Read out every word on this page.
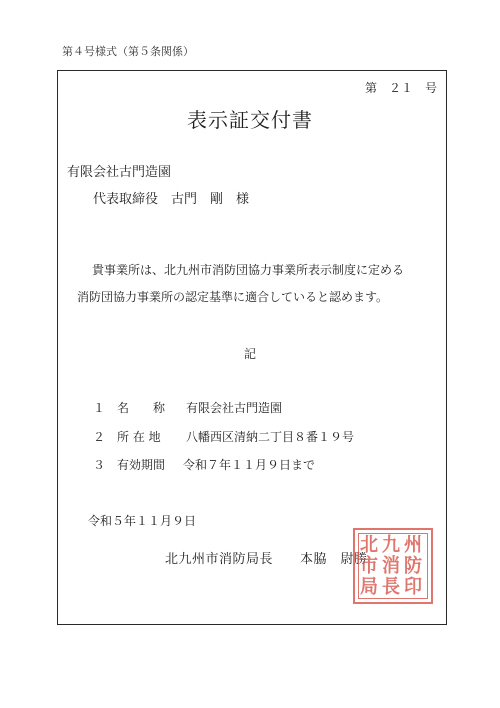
第４号様式（第５条関係）
第　２１　号
表示証交付書
有限会社古門造園
代表取締役　古門　剛　様
貴事業所は、北九州市消防団協力事業所表示制度に定める
消防団協力事業所の認定基準に適合していると認めます。
記
１　名　　称 有限会社古門造園
２　所 在 地 八幡西区清納二丁目８番１９号
３　有効期間 令和７年１１月９日まで
令和５年１１月９日
北九州市消防局長　　本脇　尉勝
北九州
市消防
局長印
